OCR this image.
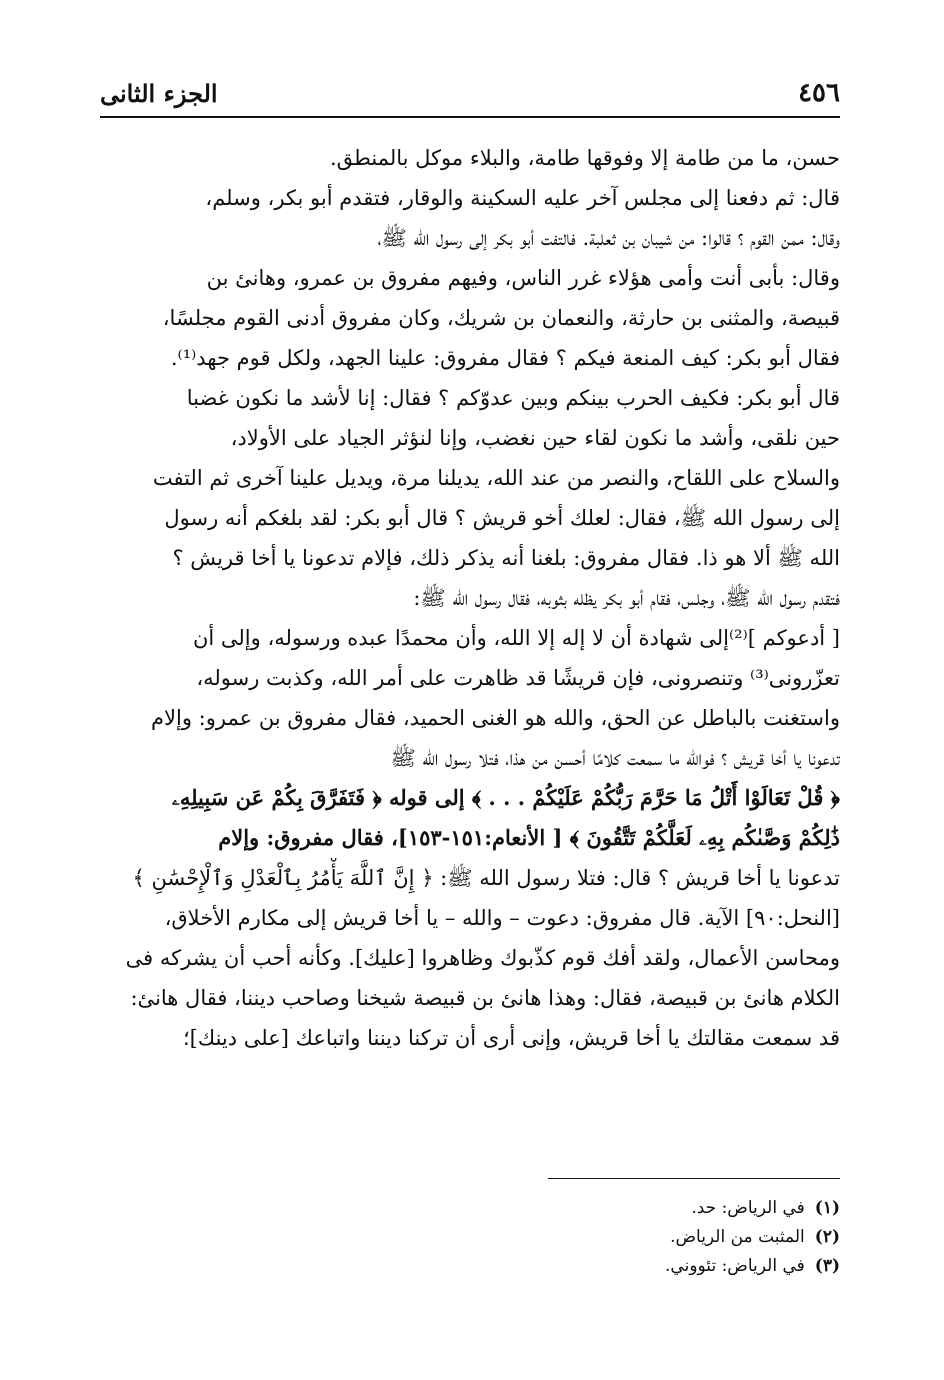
٤٥٦
الجزء الثانى

حسن، ما من طامة إلا وفوقها طامة، والبلاء موكل بالمنطق.

قال: ثم دفعنا إلى مجلس آخر عليه السكينة والوقار، فتقدم أبو بكر، وسلم،

وقال: ممن القوم ؟ قالوا: من شيبان بن ثعلبة. فالتفت أبو بكر إلى رسول الله ﷺ،

وقال: بأبى أنت وأمى هؤلاء غرر الناس، وفيهم مفروق بن عمرو، وهانئ بن

قبيصة، والمثنى بن حارثة، والنعمان بن شريك، وكان مفروق أدنى القوم مجلسًا،

فقال أبو بكر: كيف المنعة فيكم ؟ فقال مفروق: علينا الجهد، ولكل قوم جهد⁽¹⁾.

قال أبو بكر: فكيف الحرب بينكم وبين عدوّكم ؟ فقال: إنا لأشد ما نكون غضبا

حين نلقى، وأشد ما نكون لقاء حين نغضب، وإنا لنؤثر الجياد على الأولاد،

والسلاح على اللقاح، والنصر من عند الله، يديلنا مرة، ويديل علينا آخرى ثم التفت

إلى رسول الله ﷺ، فقال: لعلك أخو قريش ؟ قال أبو بكر: لقد بلغكم أنه رسول

الله ﷺ ألا هو ذا. فقال مفروق: بلغنا أنه يذكر ذلك، فإلام تدعونا يا أخا قريش ؟

فتقدم رسول الله ﷺ، وجلس، فقام أبو بكر يظله بثوبه، فقال رسول الله ﷺ:

[ أدعوكم ]⁽²⁾إلى شهادة أن لا إله إلا الله، وأن محمدًا عبده ورسوله، وإلى أن

تعزّرونى⁽³⁾ وتنصرونى، فإن قريشًا قد ظاهرت على أمر الله، وكذبت رسوله،

واستغنت بالباطل عن الحق، والله هو الغنى الحميد، فقال مفروق بن عمرو: وإلام

تدعونا يا أخا قريش ؟ فوالله ما سمعت كلامًا أحسن من هذا، فتلا رسول الله ﷺ

﴿ قُلْ تَعَالَوْا أَتْلُ مَا حَرَّمَ رَبُّكُمْ عَلَيْكُمْ . . . ﴾ إلى قوله ﴿ فَتَفَرَّقَ بِكُمْ عَن سَبِيلِهِۦ

ذَٰلِكُمْ وَصَّىٰكُم بِهِۦ لَعَلَّكُمْ تَتَّقُونَ ﴾ [ الأنعام:١٥١-١٥٣]، فقال مفروق: وإلام

تدعونا يا أخا قريش ؟ قال: فتلا رسول الله ﷺ: ﴿ إِنَّ ٱللَّهَ يَأْمُرُ بِٱلْعَدْلِ وَٱلْإِحْسَٰنِ ﴾

[النحل:٩٠] الآية. قال مفروق: دعوت – والله – يا أخا قريش إلى مكارم الأخلاق،

ومحاسن الأعمال، ولقد أفك قوم كذّبوك وظاهروا [عليك]. وكأنه أحب أن يشركه فى

الكلام هانئ بن قبيصة، فقال: وهذا هانئ بن قبيصة شيخنا وصاحب ديننا، فقال هانئ:

قد سمعت مقالتك يا أخا قريش، وإنى أرى أن تركنا ديننا واتباعك [على دينك]؛

(١)في الرياض: حد.

(٢)المثبت من الرياض.

(٣)في الرياض: تئووني.
